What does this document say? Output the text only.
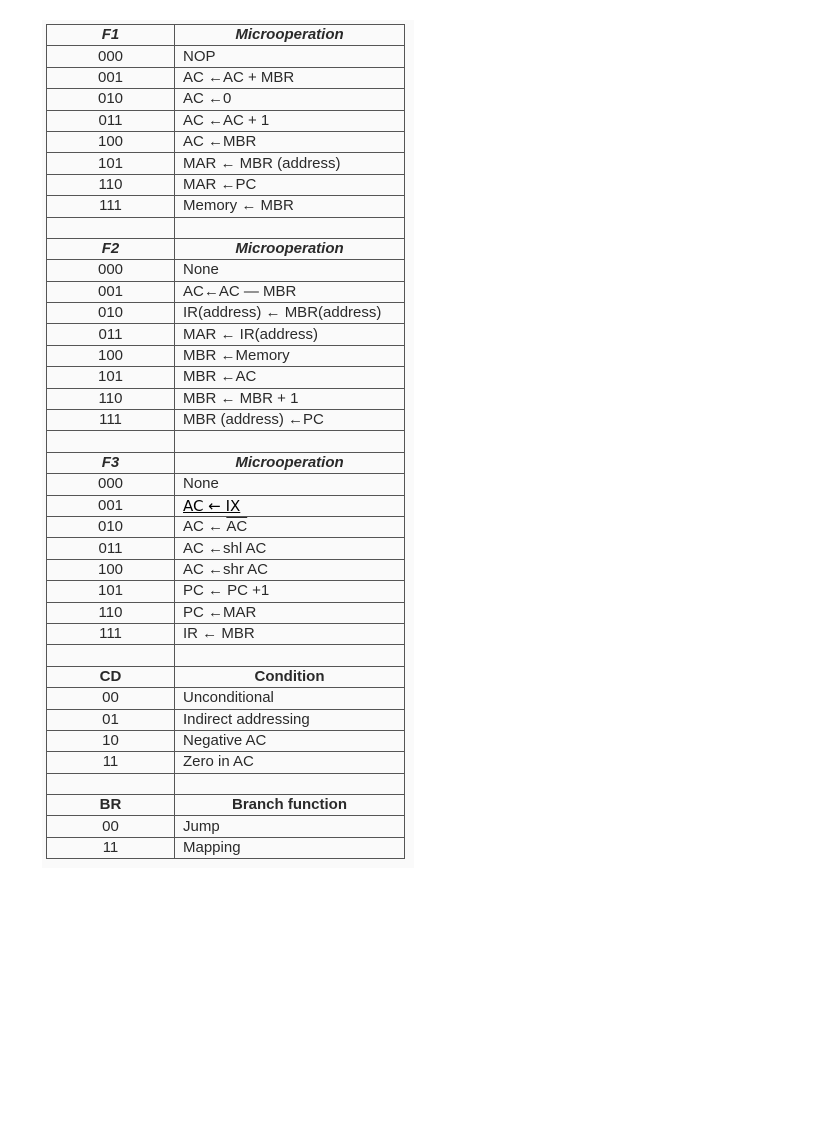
F1	Microoperation
000	NOP
001	AC ←AC + MBR
010	AC ←0
011	AC ←AC + 1
100	AC ←MBR
101	MAR ← MBR (address)
110	MAR ←PC
111	Memory ← MBR

F2	Microoperation
000	None
001	AC←AC — MBR
010	IR(address) ← MBR(address)
011	MAR ← IR(address)
100	MBR ←Memory
101	MBR ←AC
110	MBR ← MBR + 1
111	MBR (address) ←PC

F3	Microoperation
000	None
001	AC ← IX
010	AC ← $\overline{AC}$
011	AC ←shl AC
100	AC ←shr AC
101	PC ← PC +1
110	PC ←MAR
111	IR ← MBR

CD	Condition
00	Unconditional
01	Indirect addressing
10	Negative AC
11	Zero in AC

BR	Branch function
00	Jump
11	Mapping
